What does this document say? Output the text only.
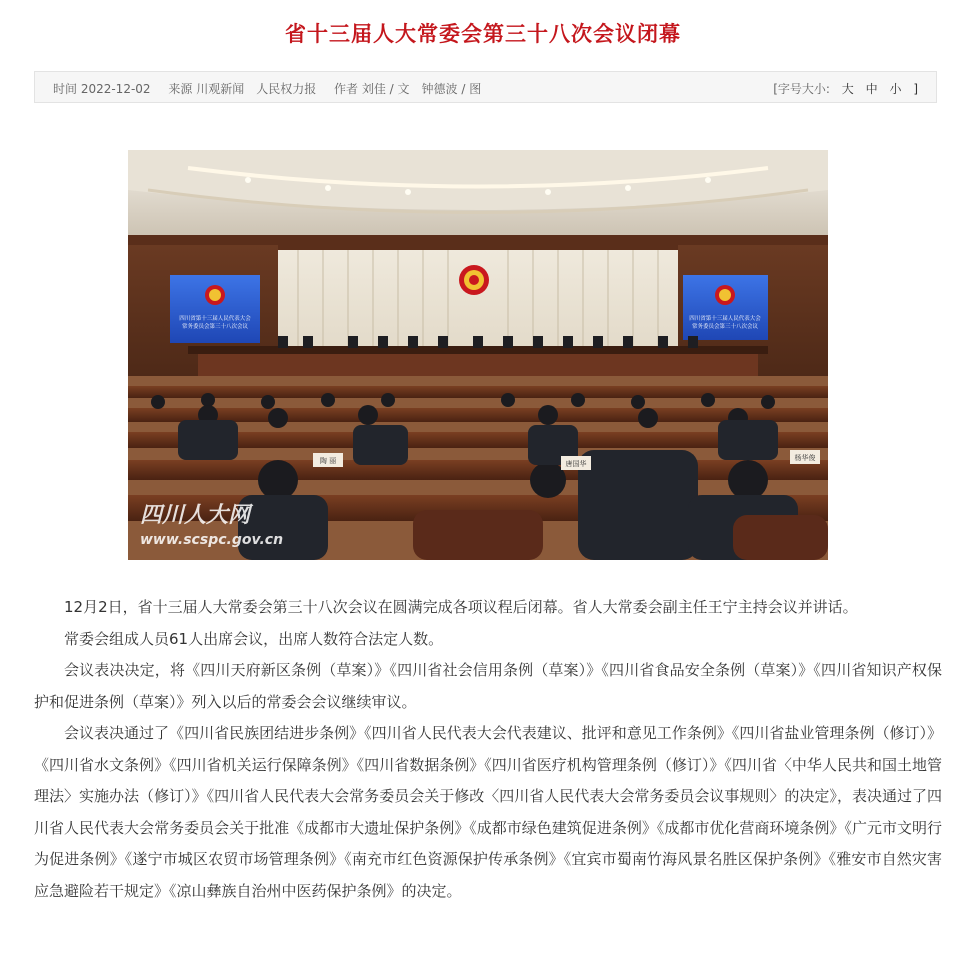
省十三届人大常委会第三十八次会议闭幕
时间 2022-12-02 来源 川观新闻　人民权力报 作者 刘佳 / 文　钟德波 / 图	[字号大小: 大 中 小 ]
四川省第十三届人民代表大会
常务委员会第三十八次会议
四川省第十三届人民代表大会
常务委员会第三十八次会议
陶 丽	唐国华
杨华俊
四川人大网
www.scspc.gov.cn

12月2日，省十三届人大常委会第三十八次会议在圆满完成各项议程后闭幕。省人大常委会副主任王宁主持会议并讲话。

常委会组成人员61人出席会议，出席人数符合法定人数。

会议表决决定，将《四川天府新区条例（草案）》《四川省社会信用条例（草案）》《四川省食品安全条例（草案）》《四川省知识产权保护和促进条例（草案）》列入以后的常委会会议继续审议。

会议表决通过了《四川省民族团结进步条例》《四川省人民代表大会代表建议、批评和意见工作条例》《四川省盐业管理条例（修订）》《四川省水文条例》《四川省机关运行保障条例》《四川省数据条例》《四川省医疗机构管理条例（修订）》《四川省〈中华人民共和国土地管理法〉实施办法（修订）》《四川省人民代表大会常务委员会关于修改〈四川省人民代表大会常务委员会议事规则〉的决定》，表决通过了四川省人民代表大会常务委员会关于批准《成都市大遗址保护条例》《成都市绿色建筑促进条例》《成都市优化营商环境条例》《广元市文明行为促进条例》《遂宁市城区农贸市场管理条例》《南充市红色资源保护传承条例》《宜宾市蜀南竹海风景名胜区保护条例》《雅安市自然灾害应急避险若干规定》《凉山彝族自治州中医药保护条例》的决定。
